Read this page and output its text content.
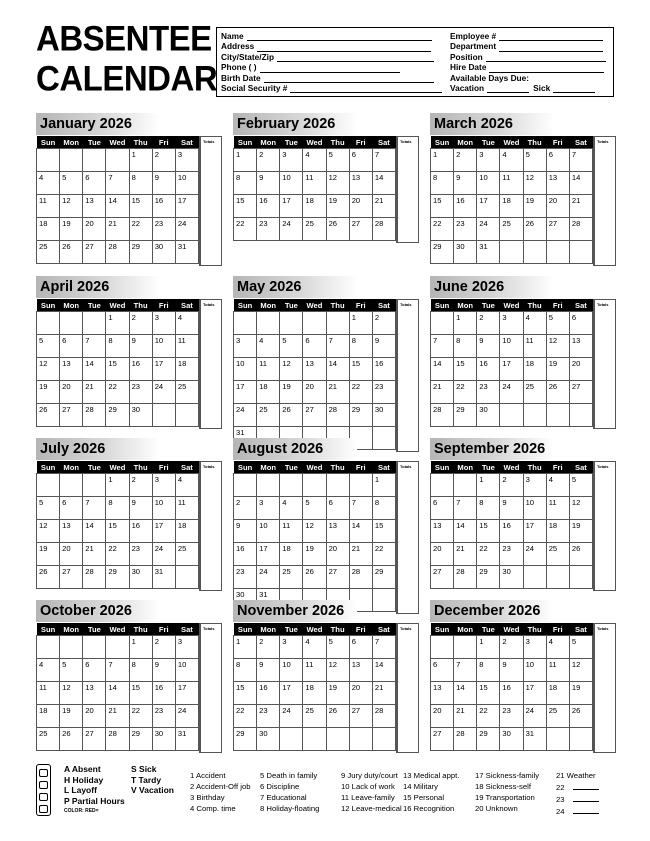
ABSENTEE
CALENDAR
Name
Address
City/State/Zip
Phone ( )
Birth Date
Social Security #
Employee #
Department
Position
Hire Date
Available Days Due:
Vacation	Sick
January 2026
Sun	Mon	Tue	Wed	Thu	Fri	Sat
				1	2	3
4	5	6	7	8	9	10
11	12	13	14	15	16	17
18	19	20	21	22	23	24
25	26	27	28	29	30	31
Totals
February 2026
Sun	Mon	Tue	Wed	Thu	Fri	Sat
1	2	3	4	5	6	7
8	9	10	11	12	13	14
15	16	17	18	19	20	21
22	23	24	25	26	27	28
Totals
March 2026
Sun	Mon	Tue	Wed	Thu	Fri	Sat
1	2	3	4	5	6	7
8	9	10	11	12	13	14
15	16	17	18	19	20	21
22	23	24	25	26	27	28
29	30	31				
Totals
April 2026
Sun	Mon	Tue	Wed	Thu	Fri	Sat
			1	2	3	4
5	6	7	8	9	10	11
12	13	14	15	16	17	18
19	20	21	22	23	24	25
26	27	28	29	30		
Totals
May 2026
Sun	Mon	Tue	Wed	Thu	Fri	Sat
					1	2
3	4	5	6	7	8	9
10	11	12	13	14	15	16
17	18	19	20	21	22	23
24	25	26	27	28	29	30
31						
Totals
June 2026
Sun	Mon	Tue	Wed	Thu	Fri	Sat
	1	2	3	4	5	6
7	8	9	10	11	12	13
14	15	16	17	18	19	20
21	22	23	24	25	26	27
28	29	30				
Totals
July 2026
Sun	Mon	Tue	Wed	Thu	Fri	Sat
			1	2	3	4
5	6	7	8	9	10	11
12	13	14	15	16	17	18
19	20	21	22	23	24	25
26	27	28	29	30	31	
Totals
August 2026
Sun	Mon	Tue	Wed	Thu	Fri	Sat
						1
2	3	4	5	6	7	8
9	10	11	12	13	14	15
16	17	18	19	20	21	22
23	24	25	26	27	28	29
30	31					
Totals
September 2026
Sun	Mon	Tue	Wed	Thu	Fri	Sat
		1	2	3	4	5
6	7	8	9	10	11	12
13	14	15	16	17	18	19
20	21	22	23	24	25	26
27	28	29	30			
Totals
October 2026
Sun	Mon	Tue	Wed	Thu	Fri	Sat
				1	2	3
4	5	6	7	8	9	10
11	12	13	14	15	16	17
18	19	20	21	22	23	24
25	26	27	28	29	30	31
Totals
November 2026
Sun	Mon	Tue	Wed	Thu	Fri	Sat
1	2	3	4	5	6	7
8	9	10	11	12	13	14
15	16	17	18	19	20	21
22	23	24	25	26	27	28
29	30					
Totals
December 2026
Sun	Mon	Tue	Wed	Thu	Fri	Sat
		1	2	3	4	5
6	7	8	9	10	11	12
13	14	15	16	17	18	19
20	21	22	23	24	25	26
27	28	29	30	31		
Totals
A Absent
H Holiday
L Layoff
P Partial Hours
S Sick
T Tardy
V Vacation
COLOR: RED=
1 Accident
2 Accident-Off job
3 Birthday
4 Comp. time
5 Death in family
6 Discipline
7 Educational
8 Holiday-floating
9 Jury duty/court
10 Lack of work
11 Leave-family
12 Leave-medical
13 Medical appt.
14 Military
15 Personal
16 Recognition
17 Sickness-family
18 Sickness-self
19 Transportation
20 Unknown
21 Weather
22
23
24
